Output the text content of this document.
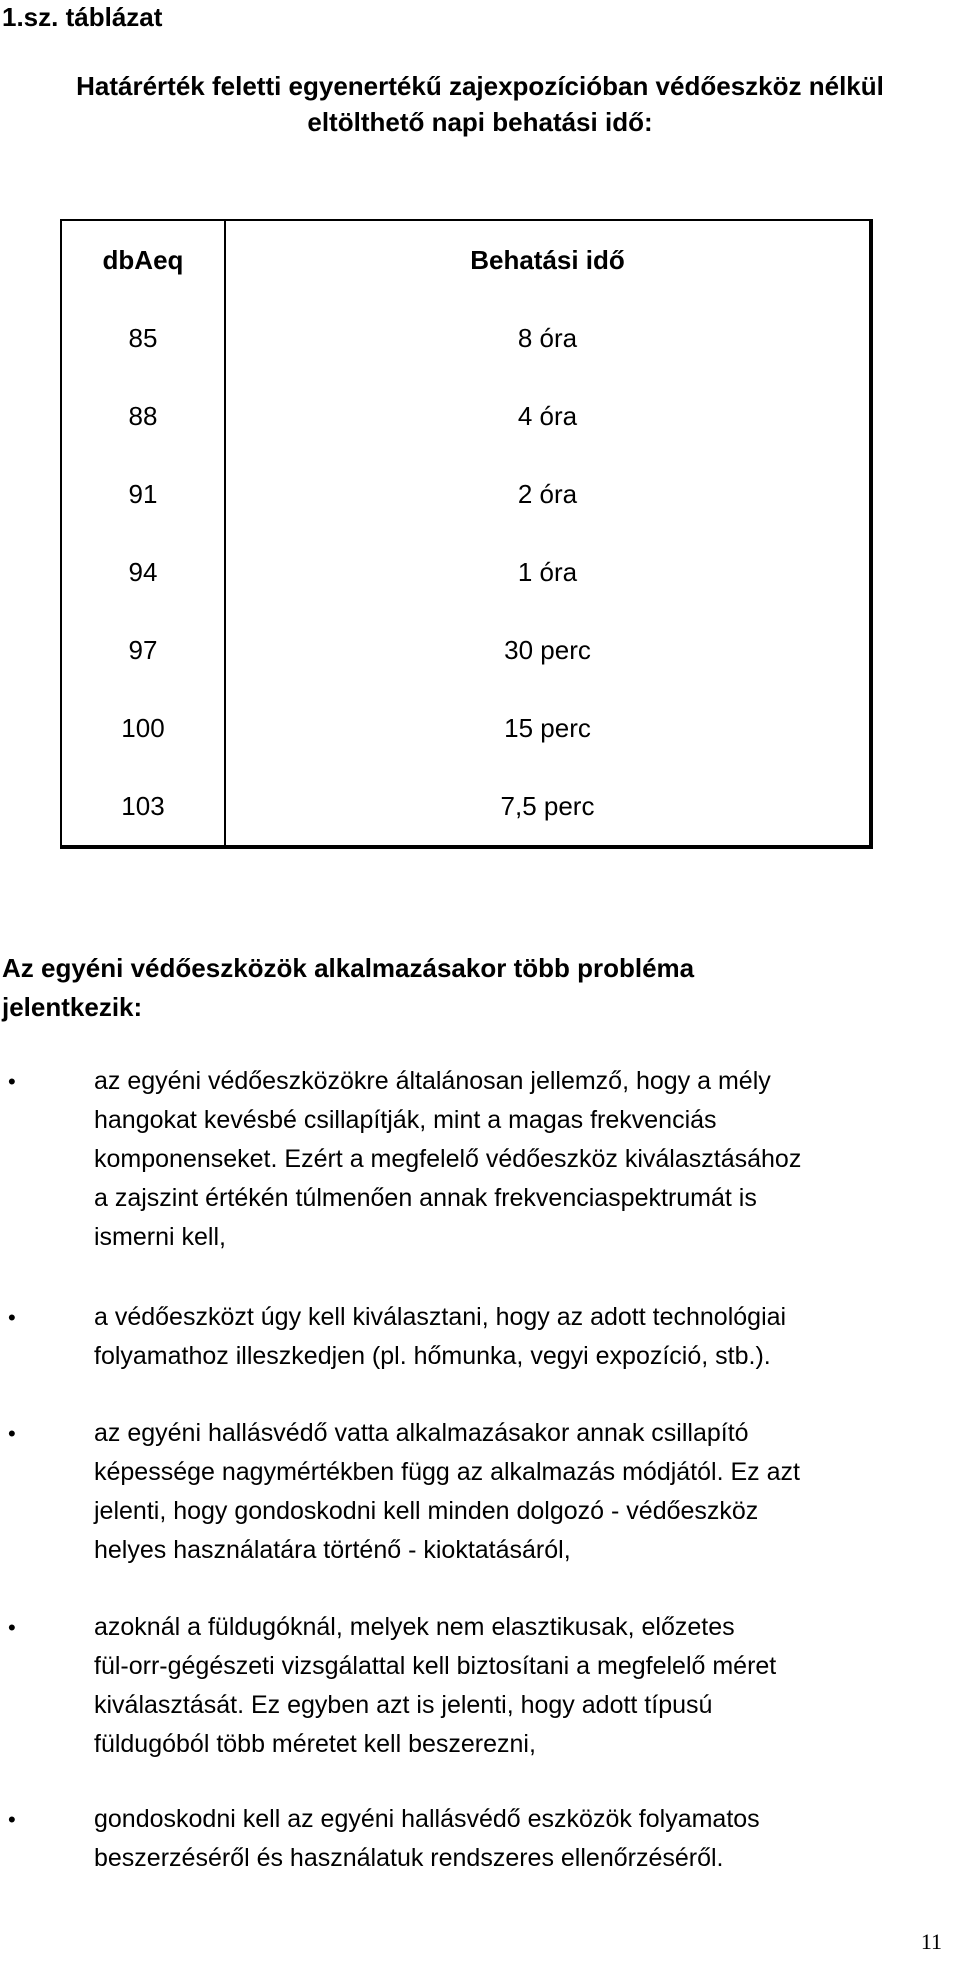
1.sz. táblázat
Határérték feletti egyenertékű zajexpozícióban védőeszköz nélkül
eltölthető napi behatási idő:
dbAeq	Behatási idő
85	8 óra
88	4 óra
91	2 óra
94	1 óra
97	30 perc
100	15 perc
103	7,5 perc
Az egyéni védőeszközök alkalmazásakor több probléma
jelentkezik:
•	az egyéni védőeszközökre általánosan jellemző, hogy a mély
hangokat kevésbé csillapítják, mint a magas frekvenciás
komponenseket. Ezért a megfelelő védőeszköz kiválasztásához
a zajszint értékén túlmenően annak frekvenciaspektrumát is
ismerni kell,
•	a védőeszközt úgy kell kiválasztani, hogy az adott technológiai
folyamathoz illeszkedjen (pl. hőmunka, vegyi expozíció, stb.).
•	az egyéni hallásvédő vatta alkalmazásakor annak csillapító
képessége nagymértékben függ az alkalmazás módjától. Ez azt
jelenti, hogy gondoskodni kell minden dolgozó - védőeszköz
helyes használatára történő - kioktatásáról,
•	azoknál a füldugóknál, melyek nem elasztikusak, előzetes
fül-orr-gégészeti vizsgálattal kell biztosítani a megfelelő méret
kiválasztását. Ez egyben azt is jelenti, hogy adott típusú
füldugóból több méretet kell beszerezni,
•	gondoskodni kell az egyéni hallásvédő eszközök folyamatos
beszerzéséről és használatuk rendszeres ellenőrzéséről.
11
